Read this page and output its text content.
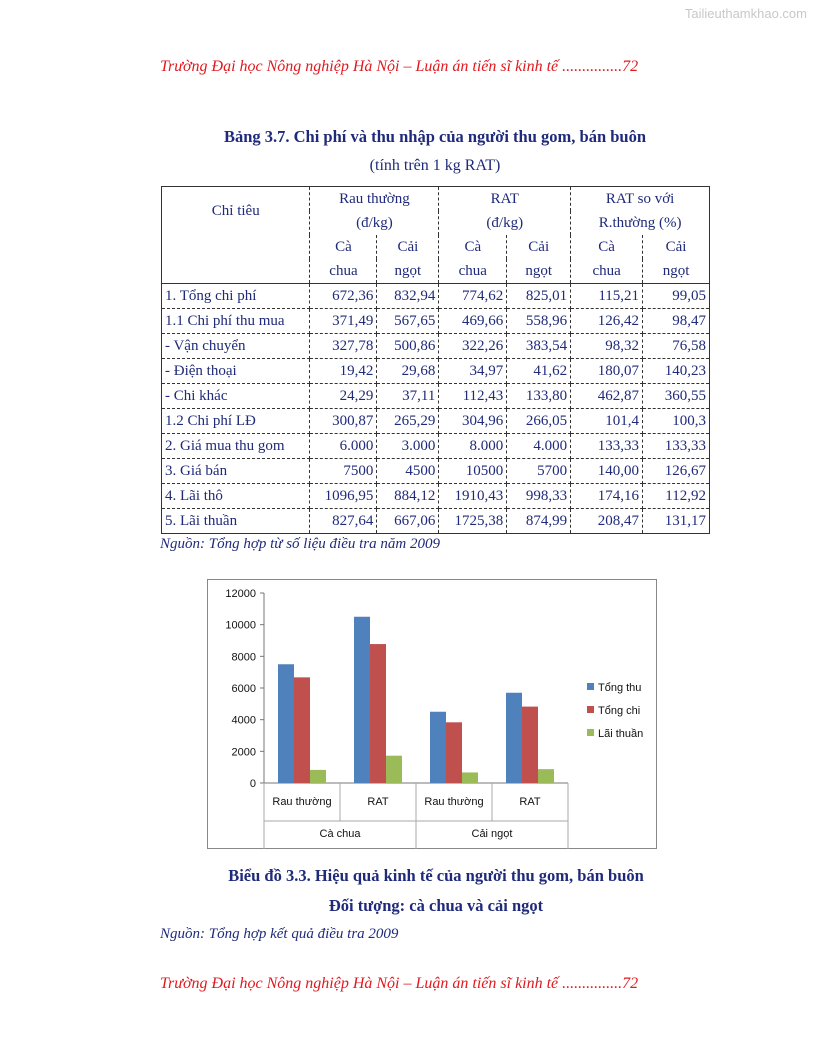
Tailieuthamkhao.com
Trường Đại học Nông nghiệp Hà Nội – Luận án tiến sĩ kinh tế ...............72
Bảng 3.7. Chi phí và thu nhập của người thu gom, bán buôn
(tính trên 1 kg RAT)
Chỉ tiêu	Rau thường		RAT		RAT so với	
	(đ/kg)		(đ/kg)		R.thường (%)	
	Cà	Cải	Cà	Cải	Cà	Cải
	chua	ngọt	chua	ngọt	chua	ngọt
1. Tổng chi phí	672,36	832,94	774,62	825,01	115,21	99,05
1.1 Chi phí thu mua	371,49	567,65	469,66	558,96	126,42	98,47
- Vận chuyển	327,78	500,86	322,26	383,54	98,32	76,58
- Điện thoại	19,42	29,68	34,97	41,62	180,07	140,23
- Chi khác	24,29	37,11	112,43	133,80	462,87	360,55
1.2 Chi phí LĐ	300,87	265,29	304,96	266,05	101,4	100,3
2. Giá mua thu gom	6.000	3.000	8.000	4.000	133,33	133,33
3. Giá bán	7500	4500	10500	5700	140,00	126,67
4. Lãi thô	1096,95	884,12	1910,43	998,33	174,16	112,92
5. Lãi thuần	827,64	667,06	1725,38	874,99	208,47	131,17
Nguồn: Tổng hợp từ số liệu điều tra năm 2009
0
2000
4000
6000
8000
10000
12000
Rau thường	RAT	Rau thường	RAT
Cà chua	Cải ngọt
Tổng thu
Tổng chi
Lãi thuần
Biểu đồ 3.3. Hiệu quả kinh tế của người thu gom, bán buôn
Đối tượng: cà chua và cải ngọt
Nguồn: Tổng hợp kết quả điều tra 2009
Trường Đại học Nông nghiệp Hà Nội – Luận án tiến sĩ kinh tế ...............72
